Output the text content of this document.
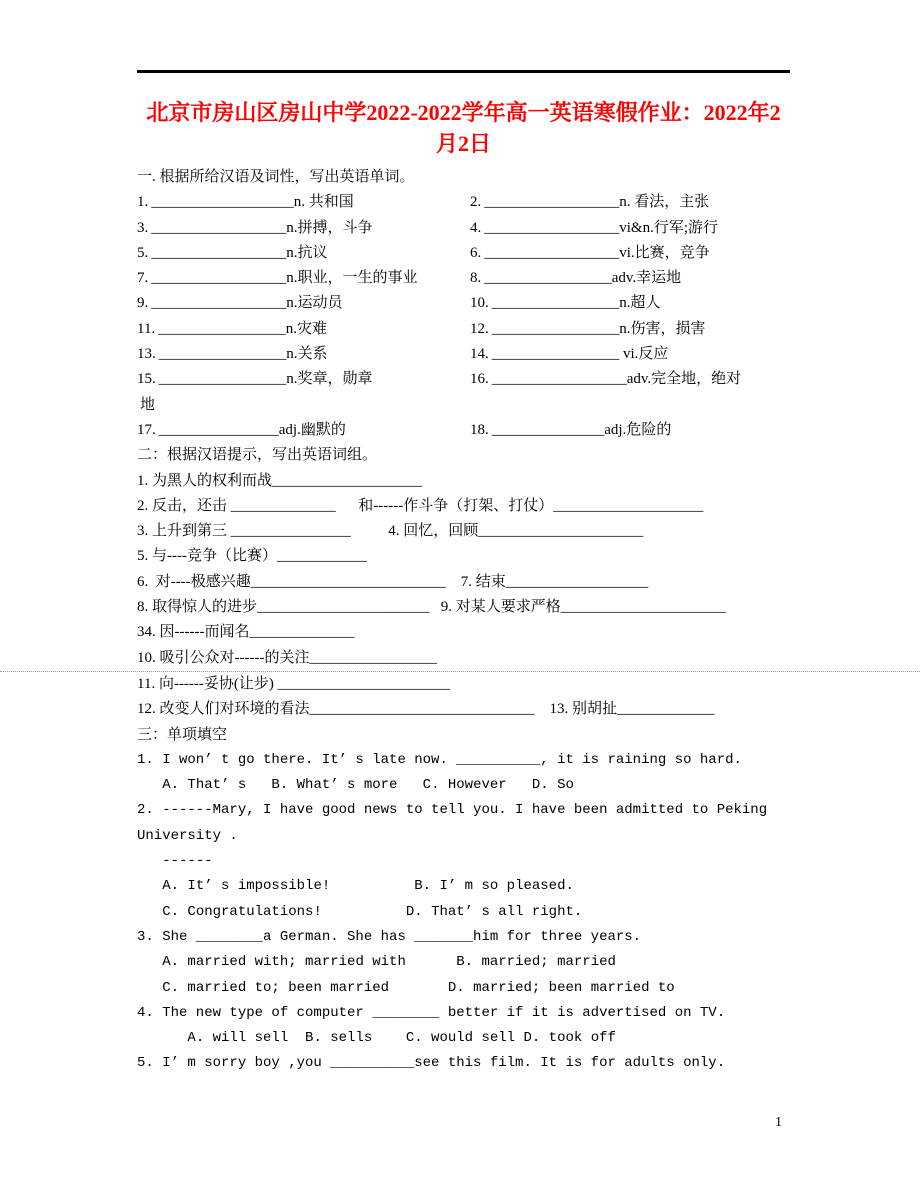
北京市房山区房山中学2022-2022学年高一英语寒假作业：2022年2月2日

一. 根据所给汉语及词性，写出英语单词。

1. ___________________n. 共和国	2. __________________n. 看法，主张
3. __________________n.拼搏，斗争	4. __________________vi&n.行军;游行
5. __________________n.抗议	6. __________________vi.比赛，竞争
7. __________________n.职业，一生的事业	8. _________________adv.幸运地
9. __________________n.运动员	10. _________________n.超人
11. _________________n.灾难	12. _________________n.伤害，损害
13. _________________n.关系	14. _________________ vi.反应
15. _________________n.奖章，勋章	16. __________________adv.完全地，绝对
地
17. ________________adj.幽默的	18. _______________adj.危险的

二：根据汉语提示，写出英语词组。

1. 为黑人的权利而战____________________

2. 反击，还击 ______________      和------作斗争（打架、打仗）____________________

3. 上升到第三 ________________          4. 回忆，回顾______________________

5. 与----竞争（比赛）____________

6.  对----极感兴趣__________________________    7. 结束___________________

8. 取得惊人的进步_______________________   9. 对某人要求严格______________________

34. 因------而闻名______________

10. 吸引公众对------的关注_________________

11. 向------妥协(让步) _______________________

12. 改变人们对环境的看法______________________________    13. 别胡扯_____________

三：单项填空

1. I won’ t go there. It’ s late now. __________, it is raining so hard.

A. That’ s   B. What’ s more   C. However   D. So

2. ------Mary, I have good news to tell you. I have been admitted to Peking

University .

------

A. It’ s impossible!          B. I’ m so pleased.

C. Congratulations!          D. That’ s all right.

3. She ________a German. She has _______him for three years.

A. married with; married with      B. married; married

C. married to; been married       D. married; been married to

4. The new type of computer ________ better if it is advertised on TV.

A. will sell  B. sells    C. would sell D. took off

5. I’ m sorry boy ,you __________see this film. It is for adults only.

1
